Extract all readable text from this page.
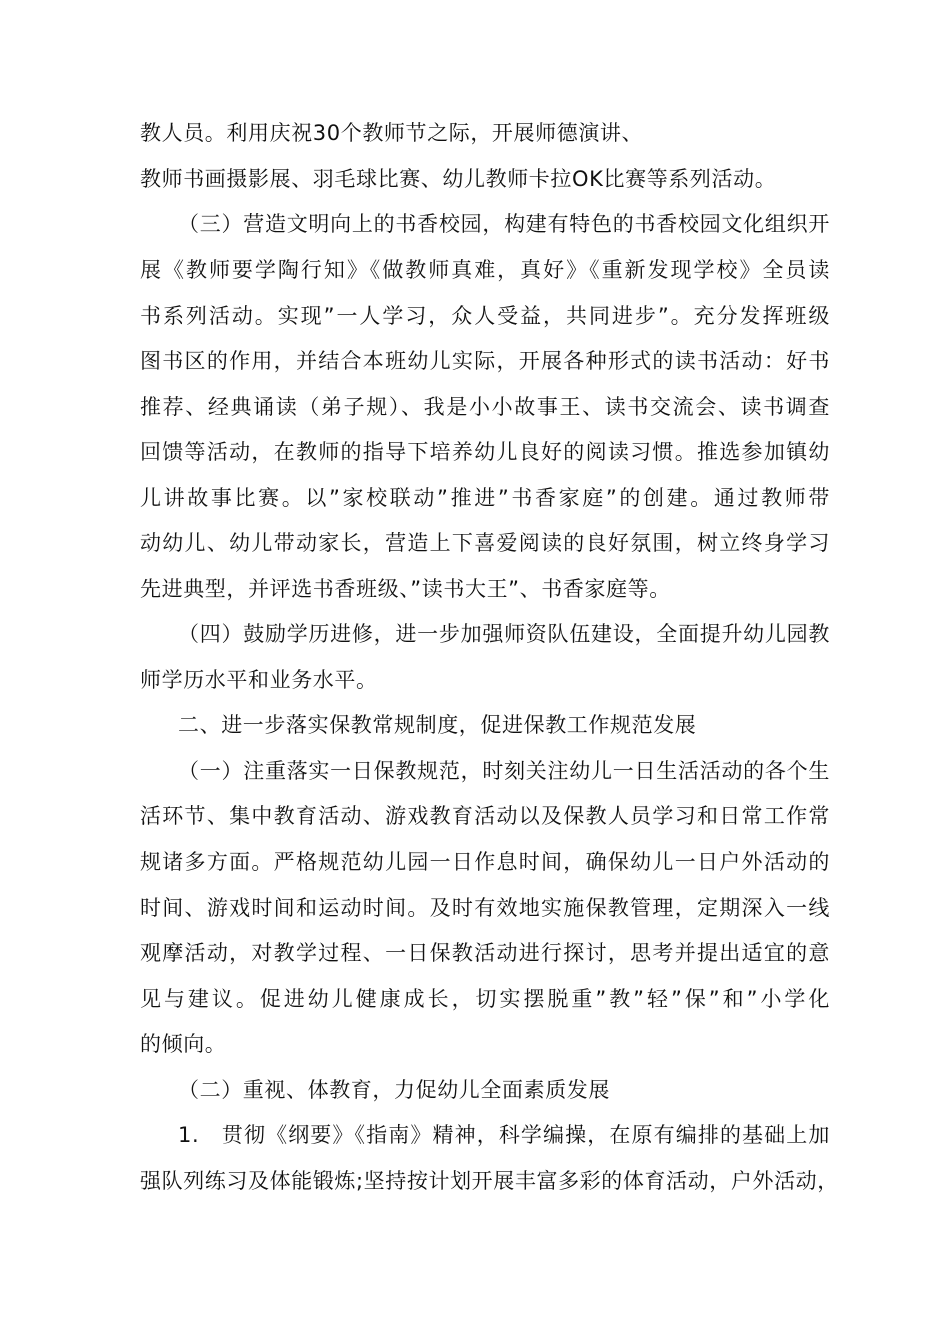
教人员。利用庆祝30个教师节之际，开展师德演讲、
教师书画摄影展、羽毛球比赛、幼儿教师卡拉OK比赛等系列活动。
（三）营造文明向上的书香校园，构建有特色的书香校园文化组织开
展《教师要学陶行知》《做教师真难，真好》《重新发现学校》全员读
书系列活动。实现”一人学习，众人受益，共同进步”。充分发挥班级
图书区的作用，并结合本班幼儿实际，开展各种形式的读书活动：好书
推荐、经典诵读（弟子规）、我是小小故事王、读书交流会、读书调查
回馈等活动，在教师的指导下培养幼儿良好的阅读习惯。推选参加镇幼
儿讲故事比赛。以”家校联动”推进”书香家庭”的创建。通过教师带
动幼儿、幼儿带动家长，营造上下喜爱阅读的良好氛围，树立终身学习
先进典型，并评选书香班级、”读书大王”、书香家庭等。
（四）鼓励学历进修，进一步加强师资队伍建设，全面提升幼儿园教
师学历水平和业务水平。
二、进一步落实保教常规制度，促进保教工作规范发展
（一）注重落实一日保教规范，时刻关注幼儿一日生活活动的各个生
活环节、集中教育活动、游戏教育活动以及保教人员学习和日常工作常
规诸多方面。严格规范幼儿园一日作息时间，确保幼儿一日户外活动的
时间、游戏时间和运动时间。及时有效地实施保教管理，定期深入一线
观摩活动，对教学过程、一日保教活动进行探讨，思考并提出适宜的意
见与建议。促进幼儿健康成长，切实摆脱重”教”轻”保”和”小学化
的倾向。
（二）重视、体教育，力促幼儿全面素质发展
1.　贯彻《纲要》《指南》精神，科学编操，在原有编排的基础上加
强队列练习及体能锻炼;坚持按计划开展丰富多彩的体育活动，户外活动，
